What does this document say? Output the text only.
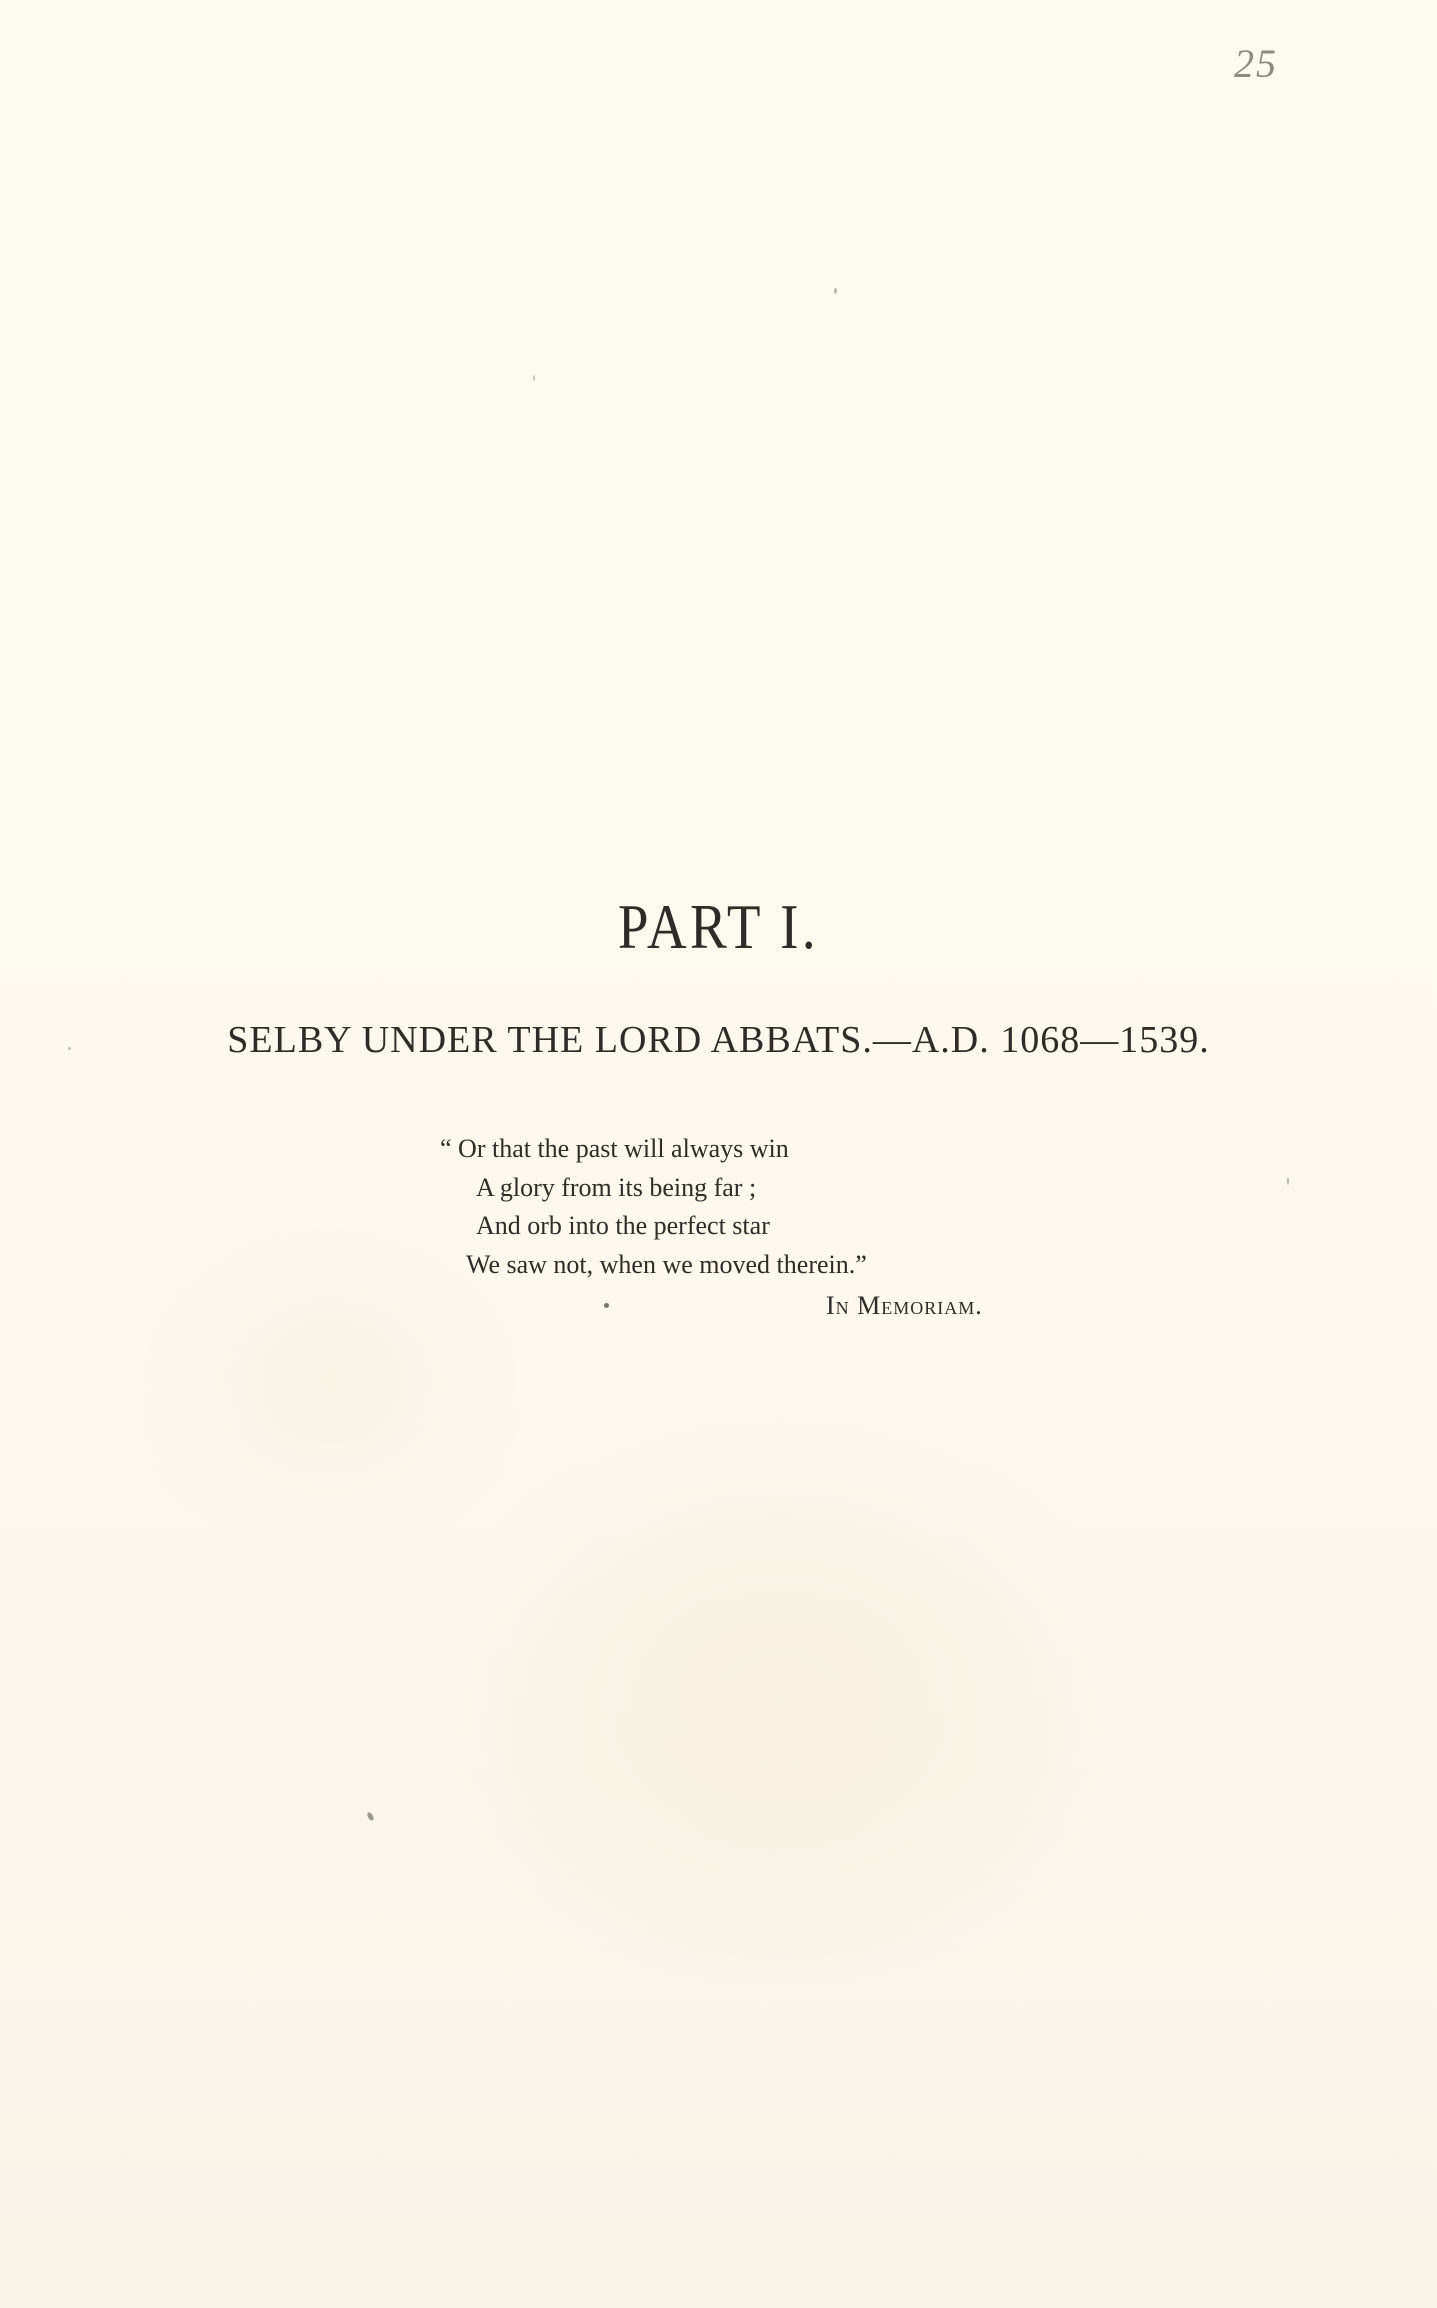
25
PART I.
SELBY UNDER THE LORD ABBATS.—A.D. 1068—1539.
“ Or that the past will always win
A glory from its being far ;
And orb into the perfect star
We saw not, when we moved therein.”
In Memoriam.
